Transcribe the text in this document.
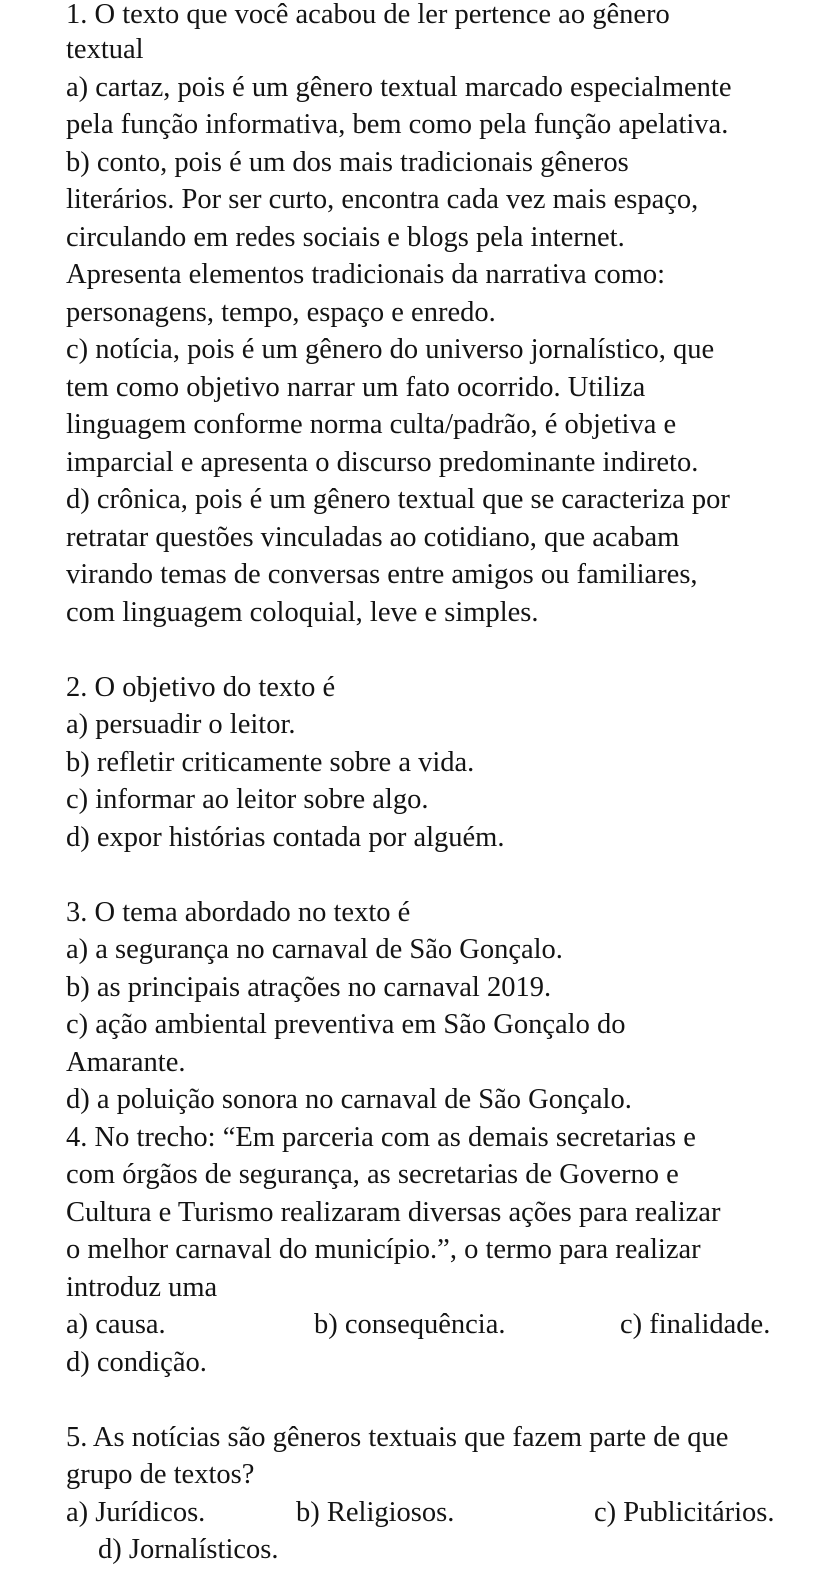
1. O texto que você acabou de ler pertence ao gênero
textual
a) cartaz, pois é um gênero textual marcado especialmente
pela função informativa, bem como pela função apelativa.
b) conto, pois é um dos mais tradicionais gêneros
literários. Por ser curto, encontra cada vez mais espaço,
circulando em redes sociais e blogs pela internet.
Apresenta elementos tradicionais da narrativa como:
personagens, tempo, espaço e enredo.
c) notícia, pois é um gênero do universo jornalístico, que
tem como objetivo narrar um fato ocorrido. Utiliza
linguagem conforme norma culta/padrão, é objetiva e
imparcial e apresenta o discurso predominante indireto.
d) crônica, pois é um gênero textual que se caracteriza por
retratar questões vinculadas ao cotidiano, que acabam
virando temas de conversas entre amigos ou familiares,
com linguagem coloquial, leve e simples.
2. O objetivo do texto é
a) persuadir o leitor.
b) refletir criticamente sobre a vida.
c) informar ao leitor sobre algo.
d) expor histórias contada por alguém.
3. O tema abordado no texto é
a) a segurança no carnaval de São Gonçalo.
b) as principais atrações no carnaval 2019.
c) ação ambiental preventiva em São Gonçalo do
Amarante.
d) a poluição sonora no carnaval de São Gonçalo.
4. No trecho: “Em parceria com as demais secretarias e
com órgãos de segurança, as secretarias de Governo e
Cultura e Turismo realizaram diversas ações para realizar
o melhor carnaval do município.”, o termo para realizar
introduz uma
a) causa.	b) consequência.	c) finalidade.
d) condição.
5. As notícias são gêneros textuais que fazem parte de que
grupo de textos?
a) Jurídicos.	b) Religiosos.	c) Publicitários.
d) Jornalísticos.
